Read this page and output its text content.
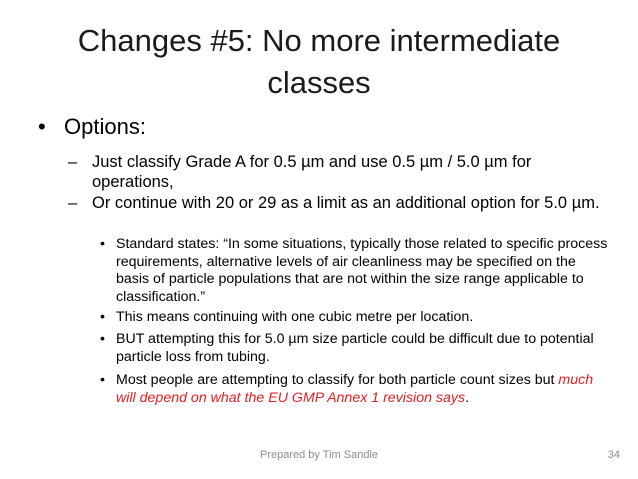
Changes #5: No more intermediate
classes
• Options:
– Just classify Grade A for 0.5 µm and use 0.5 µm / 5.0 µm for operations,
– Or continue with 20 or 29 as a limit as an additional option for 5.0 µm.
• Standard states: “In some situations, typically those related to specific process requirements, alternative levels of air cleanliness may be specified on the basis of particle populations that are not within the size range applicable to classification.”
• This means continuing with one cubic metre per location.
• BUT attempting this for 5.0 µm size particle could be difficult due to potential particle loss from tubing.
• Most people are attempting to classify for both particle count sizes but much will depend on what the EU GMP Annex 1 revision says.
Prepared by Tim Sandle	34
